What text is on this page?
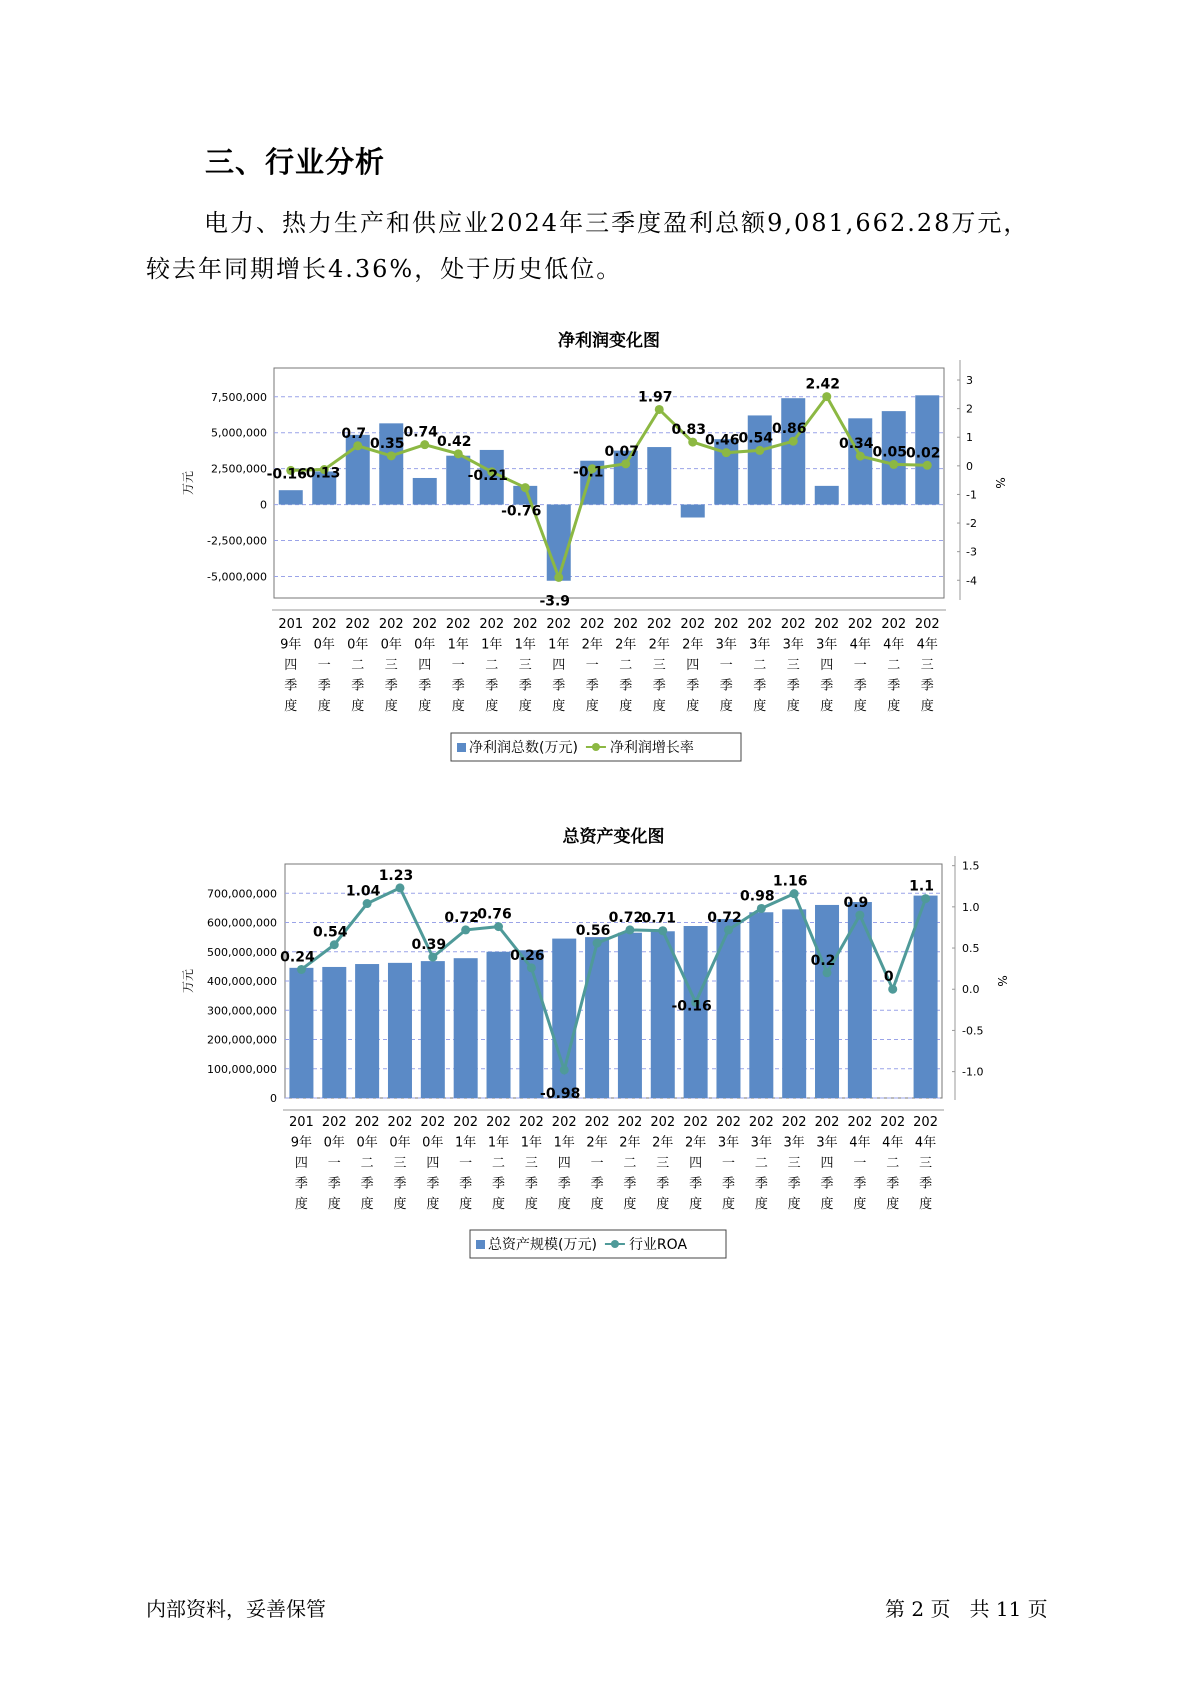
三、行业分析
电力、热力生产和供应业2024年三季度盈利总额9,081,662.28万元，较去年同期增长4.36%，处于历史低位。
净利润变化图
7,500,000
5,000,000
2,500,000
0
-2,500,000
-5,000,000
3
2
1
0
-1
-2
-3
-4
万元	%
-0.16
-0.13
0.7
0.35
0.74
0.42
-0.21
-0.76
-3.9
-0.1
0.07
1.97
0.83
0.46
0.54
0.86
2.42
0.34
0.05
0.02
201
9年
四
季
度
202
0年
一
季
度
202
0年
二
季
度
202
0年
三
季
度
202
0年
四
季
度
202
1年
一
季
度
202
1年
二
季
度
202
1年
三
季
度
202
1年
四
季
度
202
2年
一
季
度
202
2年
二
季
度
202
2年
三
季
度
202
2年
四
季
度
202
3年
一
季
度
202
3年
二
季
度
202
3年
三
季
度
202
3年
四
季
度
202
4年
一
季
度
202
4年
二
季
度
202
4年
三
季
度
净利润总数(万元) 净利润增长率
总资产变化图
700,000,000
600,000,000
500,000,000
400,000,000
300,000,000
200,000,000
100,000,000
0
1.5
1.0
0.5
0.0
-0.5
-1.0
万元	%
0.24
0.54
1.04
1.23
0.39
0.72
0.76
0.26
-0.98
0.56
0.72
0.71
-0.16
0.72
0.98
1.16
0.2
0.9
0
1.1
201
9年
四
季
度
202
0年
一
季
度
202
0年
二
季
度
202
0年
三
季
度
202
0年
四
季
度
202
1年
一
季
度
202
1年
二
季
度
202
1年
三
季
度
202
1年
四
季
度
202
2年
一
季
度
202
2年
二
季
度
202
2年
三
季
度
202
2年
四
季
度
202
3年
一
季
度
202
3年
二
季
度
202
3年
三
季
度
202
3年
四
季
度
202
4年
一
季
度
202
4年
二
季
度
202
4年
三
季
度
总资产规模(万元) 行业ROA
内部资料，妥善保管	第 2 页   共 11 页
